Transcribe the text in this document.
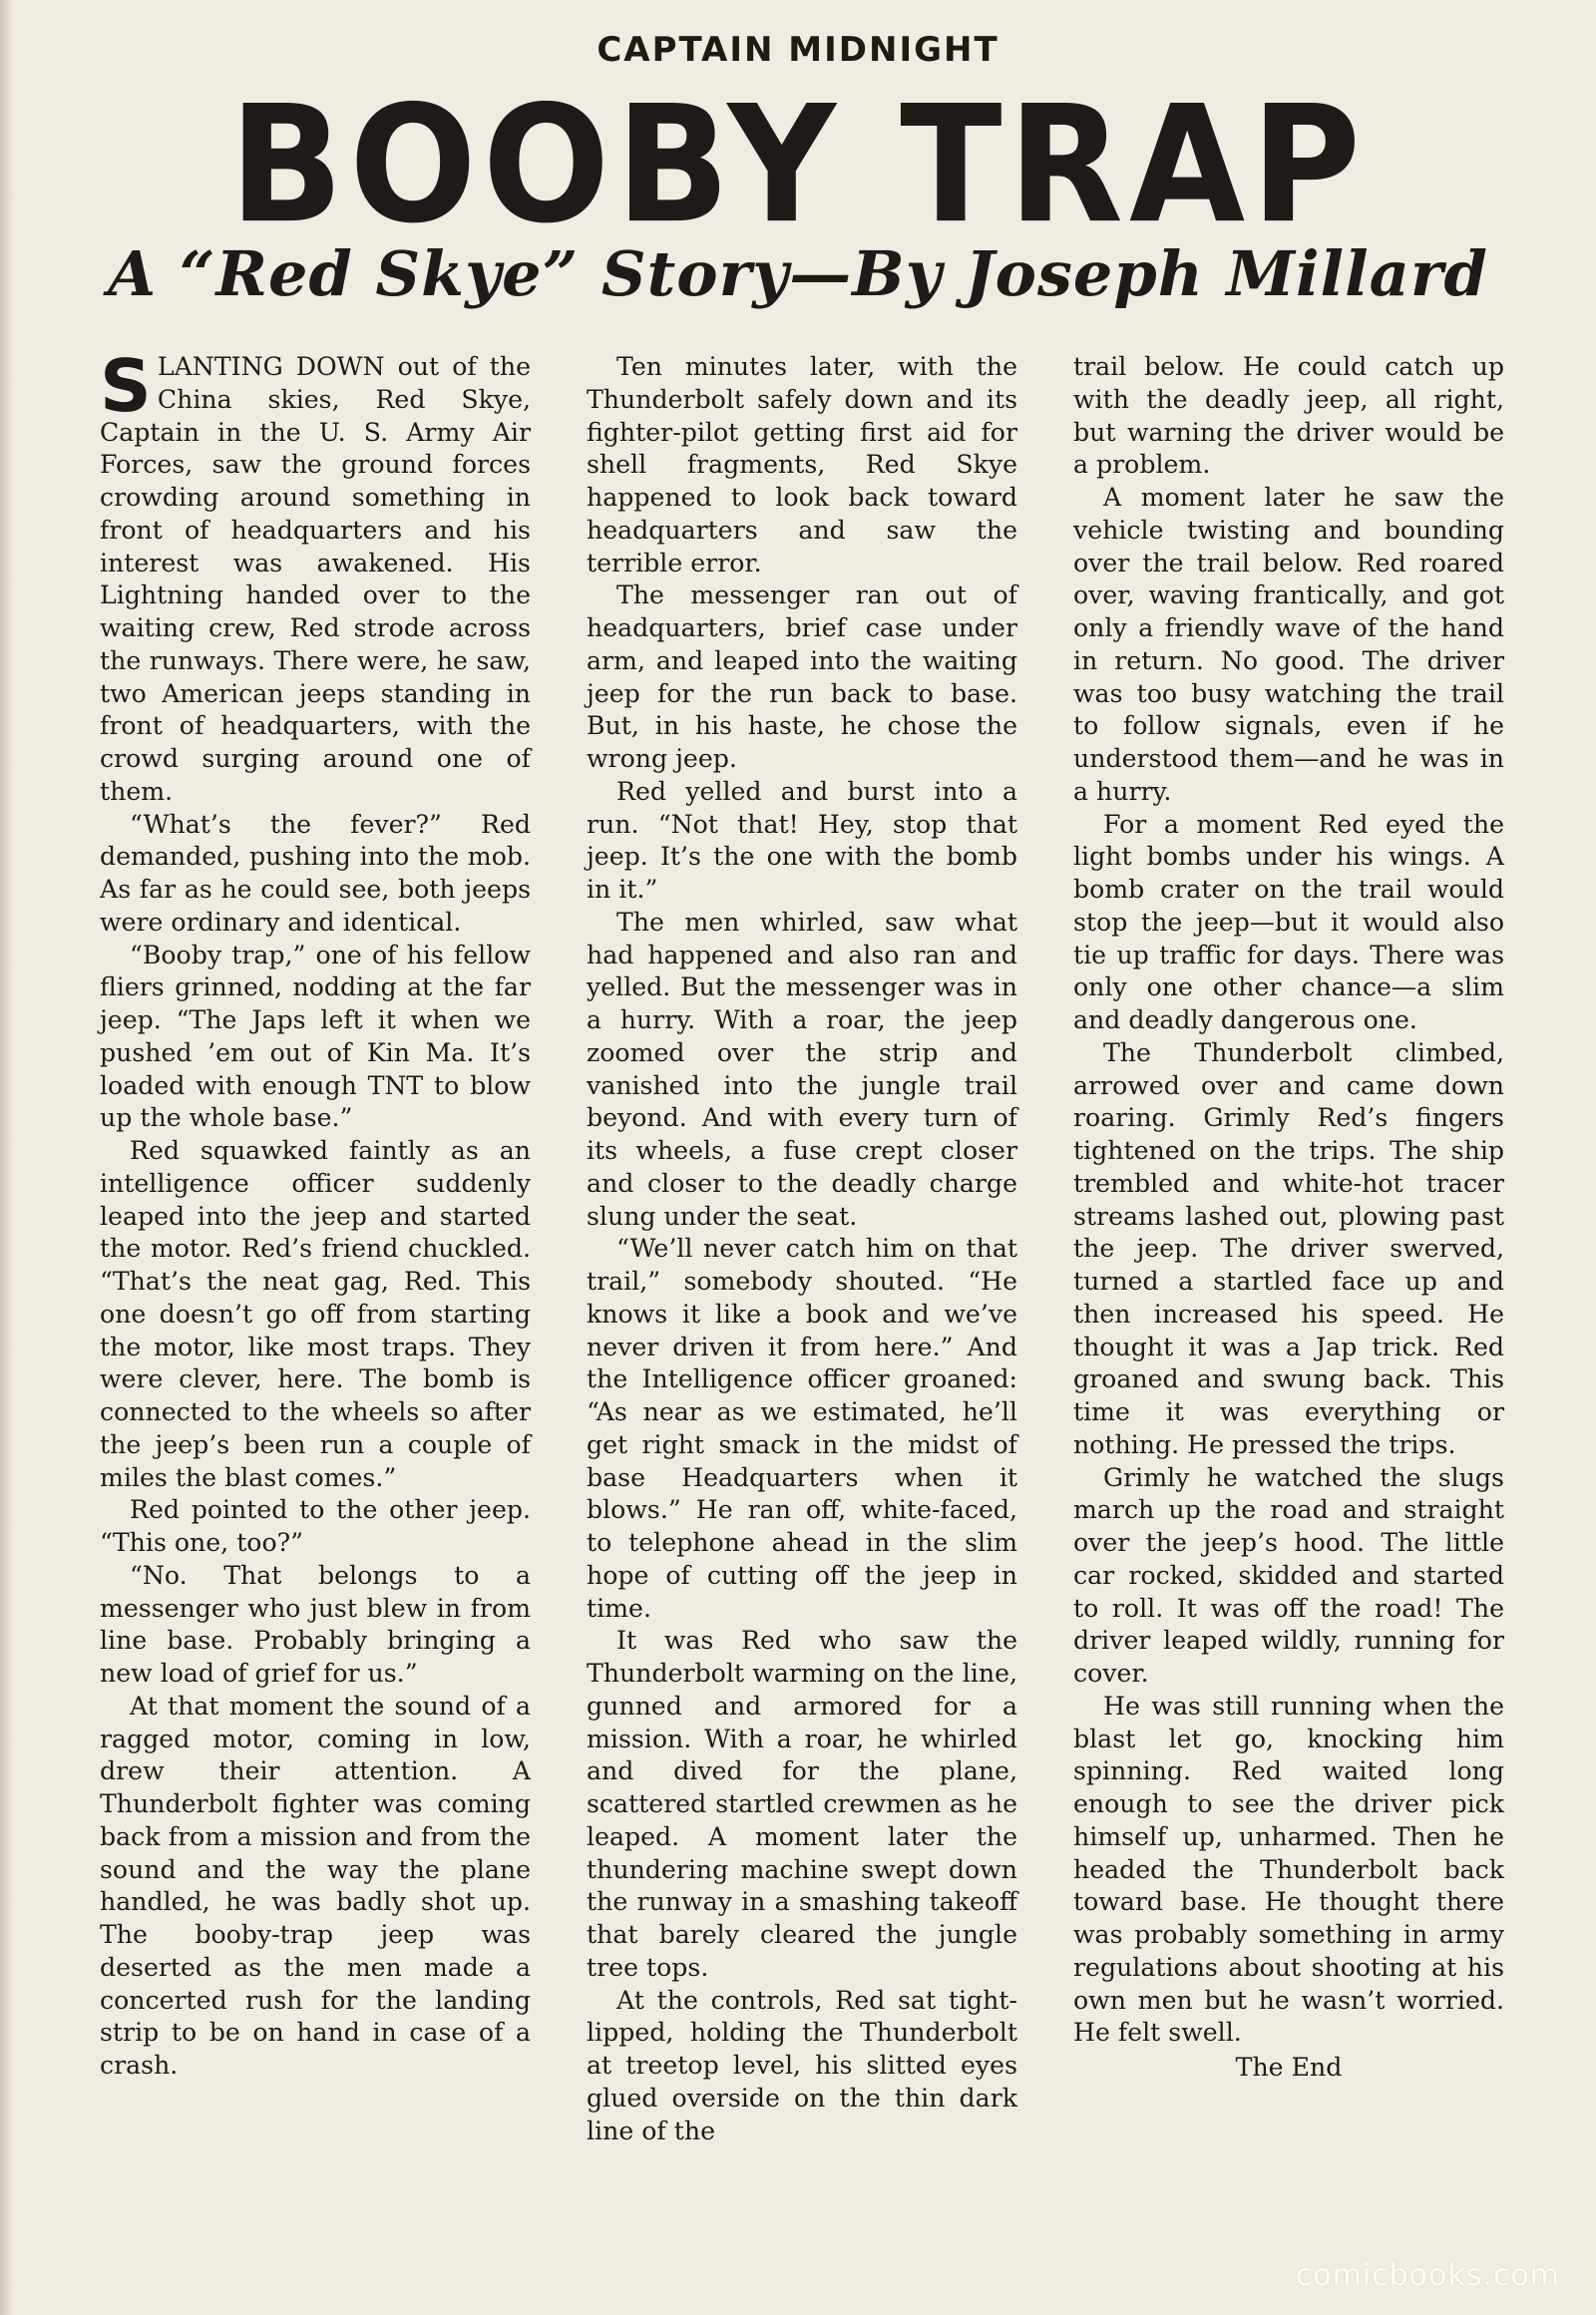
CAPTAIN MIDNIGHT
BOOBY TRAP
A “Red Skye” Story—By Joseph Millard

SLANTING DOWN out of the China skies, Red Skye, Captain in the U. S. Army Air Forces, saw the ground forces crowding around something in front of headquarters and his interest was awakened. His Lightning handed over to the waiting crew, Red strode across the runways. There were, he saw, two American jeeps standing in front of headquarters, with the crowd surging around one of them.

“What’s the fever?” Red demanded, pushing into the mob. As far as he could see, both jeeps were ordinary and identical.

“Booby trap,” one of his fellow fliers grinned, nodding at the far jeep. “The Japs left it when we pushed ’em out of Kin Ma. It’s loaded with enough TNT to blow up the whole base.”

Red squawked faintly as an intelligence officer suddenly leaped into the jeep and started the motor. Red’s friend chuckled. “That’s the neat gag, Red. This one doesn’t go off from starting the motor, like most traps. They were clever, here. The bomb is connected to the wheels so after the jeep’s been run a couple of miles the blast comes.”

Red pointed to the other jeep. “This one, too?”

“No. That belongs to a messenger who just blew in from line base. Probably bringing a new load of grief for us.”

At that moment the sound of a ragged motor, coming in low, drew their attention. A Thunderbolt fighter was coming back from a mission and from the sound and the way the plane handled, he was badly shot up. The booby-trap jeep was deserted as the men made a concerted rush for the landing strip to be on hand in case of a crash.

Ten minutes later, with the Thunderbolt safely down and its fighter-pilot getting first aid for shell fragments, Red Skye happened to look back toward headquarters and saw the terrible error.

The messenger ran out of headquarters, brief case under arm, and leaped into the waiting jeep for the run back to base. But, in his haste, he chose the wrong jeep.

Red yelled and burst into a run. “Not that! Hey, stop that jeep. It’s the one with the bomb in it.”

The men whirled, saw what had happened and also ran and yelled. But the messenger was in a hurry. With a roar, the jeep zoomed over the strip and vanished into the jungle trail beyond. And with every turn of its wheels, a fuse crept closer and closer to the deadly charge slung under the seat.

“We’ll never catch him on that trail,” somebody shouted. “He knows it like a book and we’ve never driven it from here.” And the Intelligence officer groaned: “As near as we estimated, he’ll get right smack in the midst of base Headquarters when it blows.” He ran off, white-faced, to telephone ahead in the slim hope of cutting off the jeep in time.

It was Red who saw the Thunderbolt warming on the line, gunned and armored for a mission. With a roar, he whirled and dived for the plane, scattered startled crewmen as he leaped. A moment later the thundering machine swept down the runway in a smashing takeoff that barely cleared the jungle tree tops.

At the controls, Red sat tight-lipped, holding the Thunderbolt at treetop level, his slitted eyes glued overside on the thin dark line of the

trail below. He could catch up with the deadly jeep, all right, but warning the driver would be a problem.

A moment later he saw the vehicle twisting and bounding over the trail below. Red roared over, waving frantically, and got only a friendly wave of the hand in return. No good. The driver was too busy watching the trail to follow signals, even if he understood them—and he was in a hurry.

For a moment Red eyed the light bombs under his wings. A bomb crater on the trail would stop the jeep—but it would also tie up traffic for days. There was only one other chance—a slim and deadly dangerous one.

The Thunderbolt climbed, arrowed over and came down roaring. Grimly Red’s fingers tightened on the trips. The ship trembled and white-hot tracer streams lashed out, plowing past the jeep. The driver swerved, turned a startled face up and then increased his speed. He thought it was a Jap trick. Red groaned and swung back. This time it was everything or nothing. He pressed the trips.

Grimly he watched the slugs march up the road and straight over the jeep’s hood. The little car rocked, skidded and started to roll. It was off the road! The driver leaped wildly, running for cover.

He was still running when the blast let go, knocking him spinning. Red waited long enough to see the driver pick himself up, unharmed. Then he headed the Thunderbolt back toward base. He thought there was probably something in army regulations about shooting at his own men but he wasn’t worried. He felt swell.

The End

comicbooks.com
